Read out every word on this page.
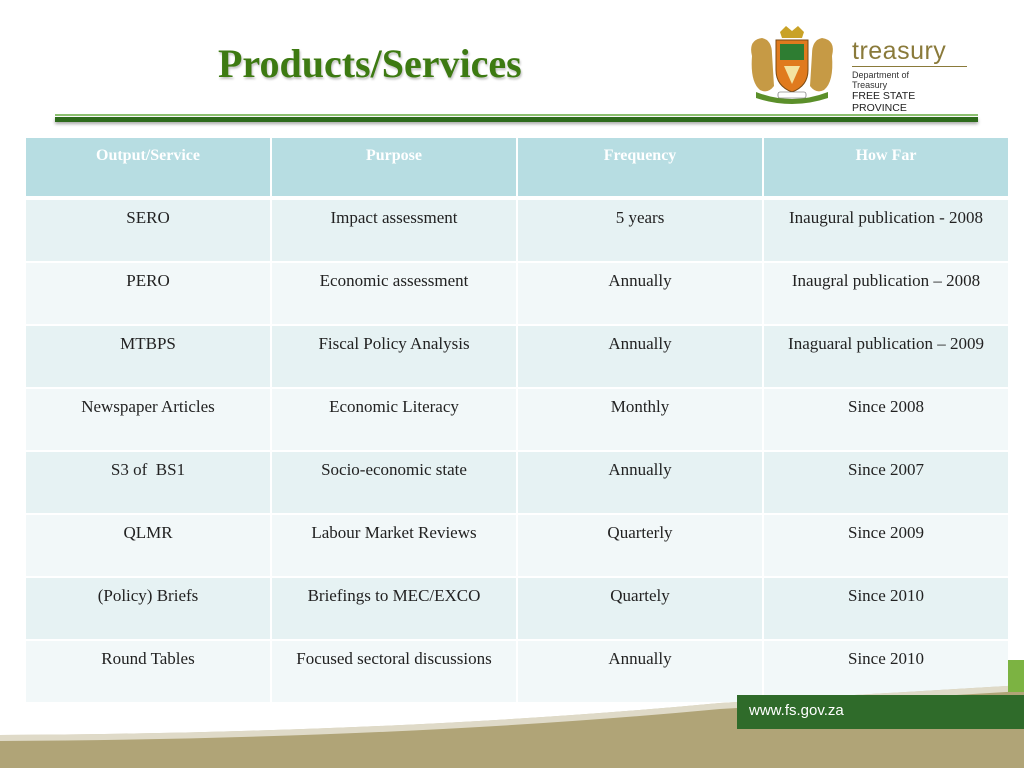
Products/Services	treasury
Department of
Treasury
FREE STATE PROVINCE
Output/Service	Purpose	Frequency	How Far
SERO	Impact assessment	5 years	Inaugural publication - 2008
PERO	Economic assessment	Annually	Inaugral publication – 2008
MTBPS	Fiscal Policy Analysis	Annually	Inaguaral publication – 2009
Newspaper Articles	Economic Literacy	Monthly	Since 2008
S3 of  BS1	Socio-economic state	Annually	Since 2007
QLMR	Labour Market Reviews	Quarterly	Since 2009
(Policy) Briefs	Briefings to MEC/EXCO	Quartely	Since 2010
Round Tables	Focused sectoral discussions	Annually	Since 2010
www.fs.gov.za
